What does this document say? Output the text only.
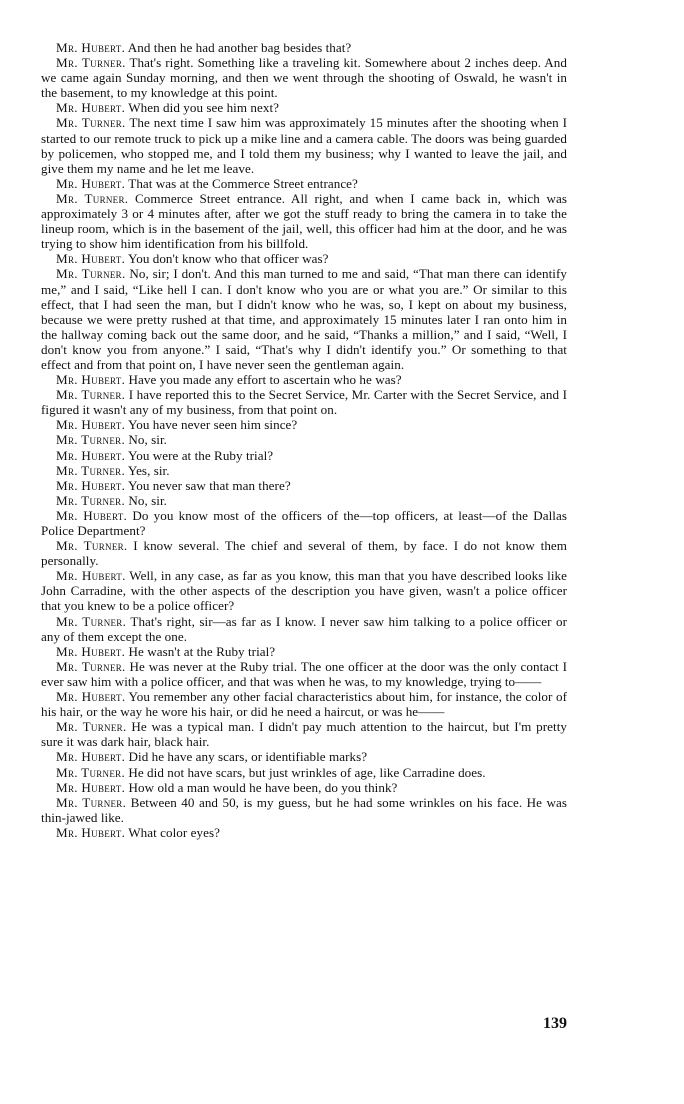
Mr. Hubert. And then he had another bag besides that?

Mr. Turner. That's right. Something like a traveling kit. Somewhere about 2 inches deep. And we came again Sunday morning, and then we went through the shooting of Oswald, he wasn't in the basement, to my knowledge at this point.

Mr. Hubert. When did you see him next?

Mr. Turner. The next time I saw him was approximately 15 minutes after the shooting when I started to our remote truck to pick up a mike line and a camera cable. The doors was being guarded by policemen, who stopped me, and I told them my business; why I wanted to leave the jail, and give them my name and he let me leave.

Mr. Hubert. That was at the Commerce Street entrance?

Mr. Turner. Commerce Street entrance. All right, and when I came back in, which was approximately 3 or 4 minutes after, after we got the stuff ready to bring the camera in to take the lineup room, which is in the basement of the jail, well, this officer had him at the door, and he was trying to show him identification from his billfold.

Mr. Hubert. You don't know who that officer was?

Mr. Turner. No, sir; I don't. And this man turned to me and said, “That man there can identify me,” and I said, “Like hell I can. I don't know who you are or what you are.” Or similar to this effect, that I had seen the man, but I didn't know who he was, so, I kept on about my business, because we were pretty rushed at that time, and approximately 15 minutes later I ran onto him in the hallway coming back out the same door, and he said, “Thanks a million,” and I said, “Well, I don't know you from anyone.” I said, “That's why I didn't identify you.” Or something to that effect and from that point on, I have never seen the gentleman again.

Mr. Hubert. Have you made any effort to ascertain who he was?

Mr. Turner. I have reported this to the Secret Service, Mr. Carter with the Secret Service, and I figured it wasn't any of my business, from that point on.

Mr. Hubert. You have never seen him since?

Mr. Turner. No, sir.

Mr. Hubert. You were at the Ruby trial?

Mr. Turner. Yes, sir.

Mr. Hubert. You never saw that man there?

Mr. Turner. No, sir.

Mr. Hubert. Do you know most of the officers of the—top officers, at least—of the Dallas Police Department?

Mr. Turner. I know several. The chief and several of them, by face. I do not know them personally.

Mr. Hubert. Well, in any case, as far as you know, this man that you have described looks like John Carradine, with the other aspects of the description you have given, wasn't a police officer that you knew to be a police officer?

Mr. Turner. That's right, sir—as far as I know. I never saw him talking to a police officer or any of them except the one.

Mr. Hubert. He wasn't at the Ruby trial?

Mr. Turner. He was never at the Ruby trial. The one officer at the door was the only contact I ever saw him with a police officer, and that was when he was, to my knowledge, trying to——

Mr. Hubert. You remember any other facial characteristics about him, for instance, the color of his hair, or the way he wore his hair, or did he need a haircut, or was he——

Mr. Turner. He was a typical man. I didn't pay much attention to the haircut, but I'm pretty sure it was dark hair, black hair.

Mr. Hubert. Did he have any scars, or identifiable marks?

Mr. Turner. He did not have scars, but just wrinkles of age, like Carradine does.

Mr. Hubert. How old a man would he have been, do you think?

Mr. Turner. Between 40 and 50, is my guess, but he had some wrinkles on his face. He was thin-jawed like.

Mr. Hubert. What color eyes?

139
